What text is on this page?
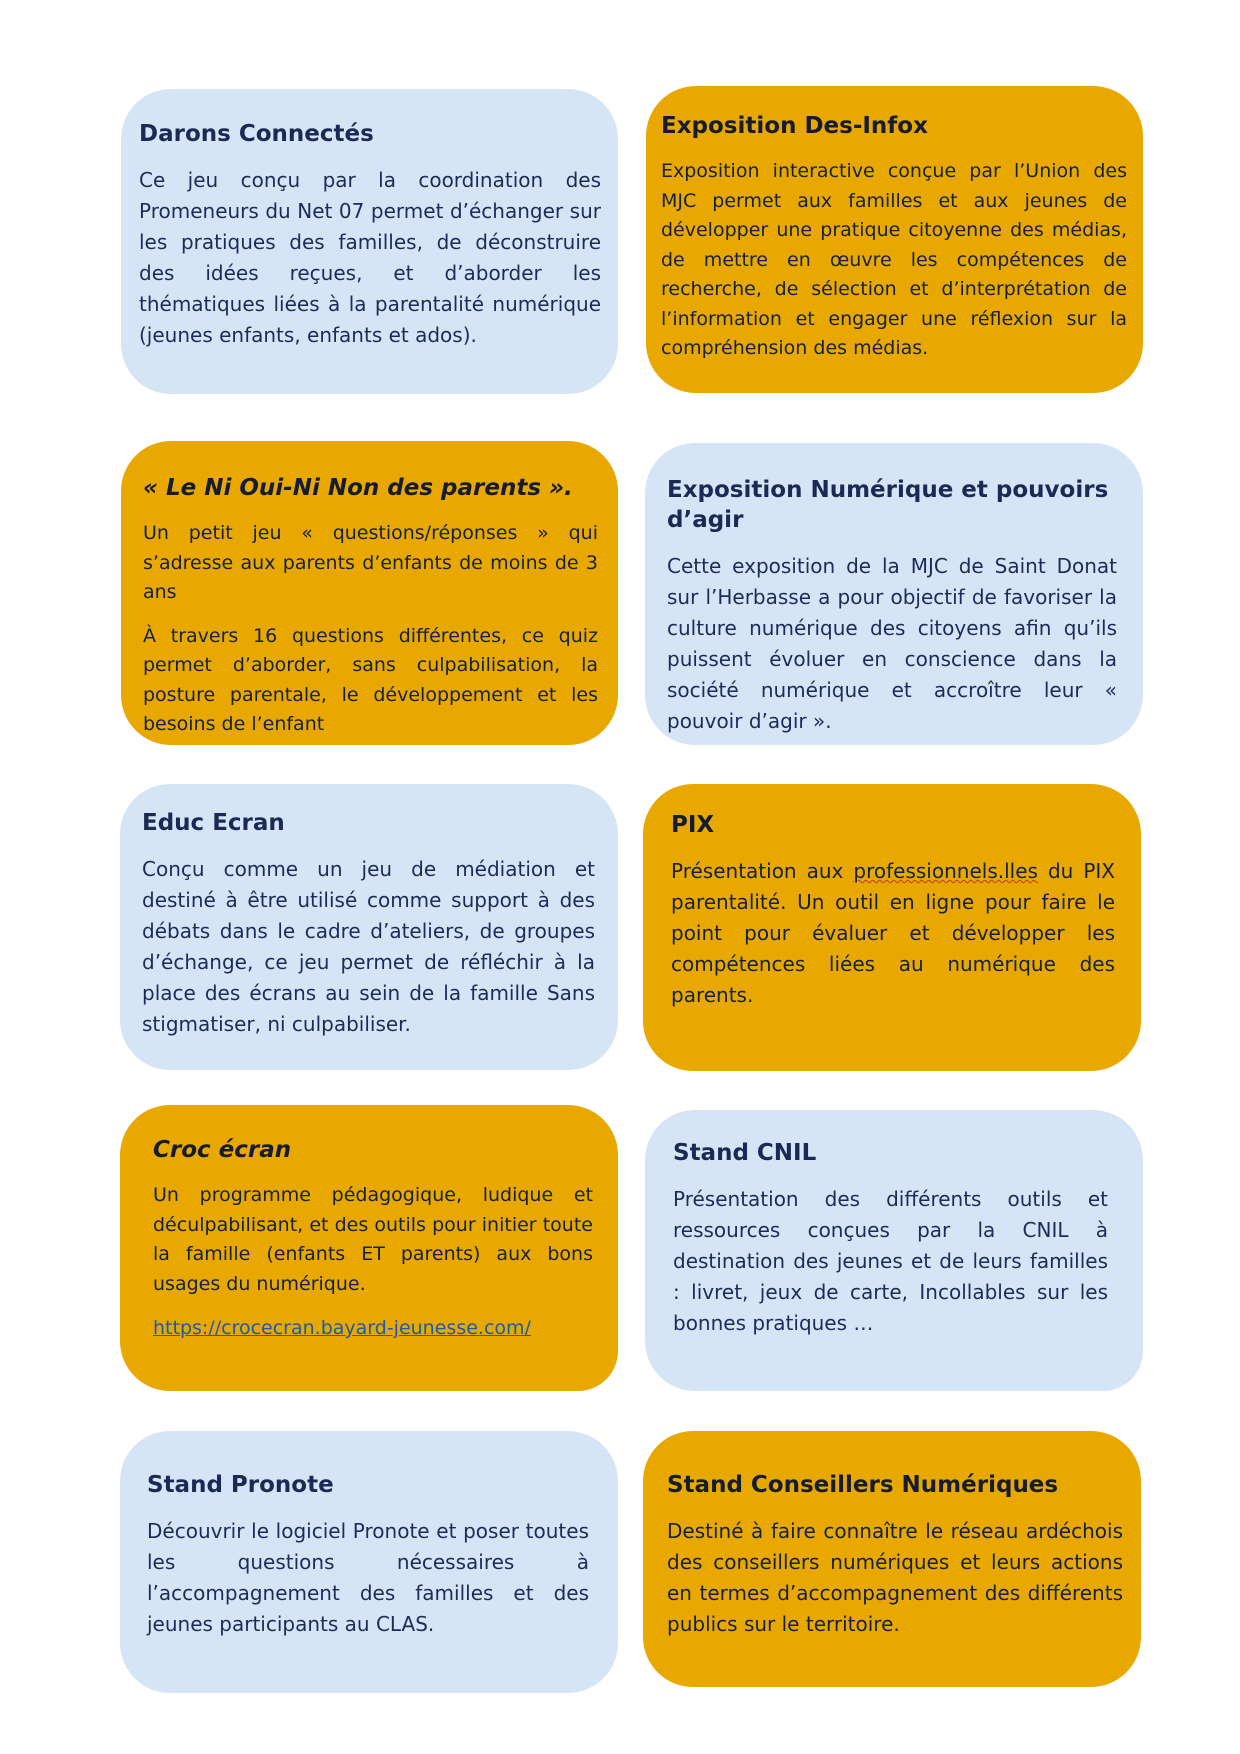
Darons Connectés

Ce jeu conçu par la coordination des Promeneurs du Net 07 permet d’échanger sur les pratiques des familles, de déconstruire des idées reçues, et d’aborder les thématiques liées à la parentalité numérique (jeunes enfants, enfants et ados).

Exposition Des-Infox

Exposition interactive conçue par l’Union des MJC permet aux familles et aux jeunes de développer une pratique citoyenne des médias, de mettre en œuvre les compétences de recherche, de sélection et d’interprétation de l’information et engager une réflexion sur la compréhension des médias.

« Le Ni Oui-Ni Non des parents ».

Un petit jeu « questions/réponses » qui s’adresse aux parents d’enfants de moins de 3 ans

À travers 16 questions différentes, ce quiz permet d’aborder, sans culpabilisation, la posture parentale, le développement et les besoins de l’enfant

Exposition Numérique et pouvoirs d’agir

Cette exposition de la MJC de Saint Donat sur l’Herbasse a pour objectif de favoriser la culture numérique des citoyens afin qu’ils puissent évoluer en conscience dans la société numérique et accroître leur « pouvoir d’agir ».

Educ Ecran

Conçu comme un jeu de médiation et destiné à être utilisé comme support à des débats dans le cadre d’ateliers, de groupes d’échange, ce jeu permet de réfléchir à la place des écrans au sein de la famille Sans stigmatiser, ni culpabiliser.

PIX

Présentation aux professionnels.lles du PIX parentalité. Un outil en ligne pour faire le point pour évaluer et développer les compétences liées au numérique des parents.

Croc écran

Un programme pédagogique, ludique et déculpabilisant, et des outils pour initier toute la famille (enfants ET parents) aux bons usages du numérique.

https://crocecran.bayard-jeunesse.com/
Stand CNIL

Présentation des différents outils et ressources conçues par la CNIL à destination des jeunes et de leurs familles : livret, jeux de carte, Incollables sur les bonnes pratiques …

Stand Pronote

Découvrir le logiciel Pronote et poser toutes les questions nécessaires à l’accompagnement des familles et des jeunes participants au CLAS.

Stand Conseillers Numériques

Destiné à faire connaître le réseau ardéchois des conseillers numériques et leurs actions en termes d’accompagnement des différents publics sur le territoire.
